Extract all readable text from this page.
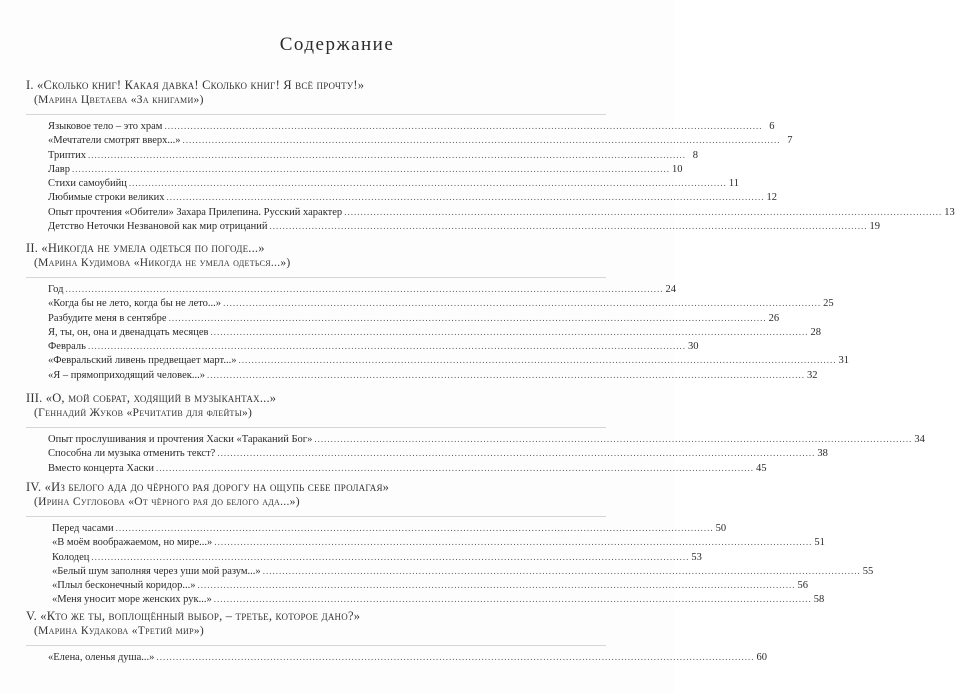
Содержание
I. «Сколько книг! Какая давка! Сколько книг! Я всё прочту!»
(Марина Цветаева «За книгами»)
Языковое тело – это храм ........................................................................................................................................................................................ 6
«Мечтатели смотрят вверх...» ........................................................................................................................................................................................ 7
Триптих ........................................................................................................................................................................................ 8
Лавр ........................................................................................................................................................................................ 10
Стихи самоубийц ........................................................................................................................................................................................ 11
Любимые строки великих ........................................................................................................................................................................................ 12
Опыт прочтения «Обители» Захара Прилепина. Русский характер ........................................................................................................................................................................................ 13
Детство Неточки Незвановой как мир отрицаний ........................................................................................................................................................................................ 19
II. «Никогда не умела одеться по погоде...»
(Марина Кудимова «Никогда не умела одеться...»)
Год ........................................................................................................................................................................................ 24
«Когда бы не лето, когда бы не лето...» ........................................................................................................................................................................................ 25
Разбудите меня в сентябре ........................................................................................................................................................................................ 26
Я, ты, он, она и двенадцать месяцев ........................................................................................................................................................................................ 28
Февраль ........................................................................................................................................................................................ 30
«Февральский ливень предвещает март...» ........................................................................................................................................................................................ 31
«Я – прямоприходящий человек...» ........................................................................................................................................................................................ 32
III. «О, мой собрат, ходящий в музыкантах...»
(Геннадий Жуков «Речитатив для флейты»)
Опыт прослушивания и прочтения Хаски «Тараканий Бог» ........................................................................................................................................................................................ 34
Способна ли музыка отменить текст? ........................................................................................................................................................................................ 38
Вместо концерта Хаски ........................................................................................................................................................................................ 45
IV. «Из белого ада до чёрного рая дорогу на ощупь себе пролагая»
(Ирина Суглобова «От чёрного рая до белого ада...»)
Перед часами ........................................................................................................................................................................................ 50
«В моём воображаемом, но мире...» ........................................................................................................................................................................................ 51
Колодец ........................................................................................................................................................................................ 53
«Белый шум заполняя через уши мой разум...» ........................................................................................................................................................................................ 55
«Плыл бесконечный коридор...» ........................................................................................................................................................................................ 56
«Меня уносит море женских рук...» ........................................................................................................................................................................................ 58
V. «Кто же ты, воплощённый выбор, – третье, которое дано?»
(Марина Кудакова «Третий мир»)
«Елена, оленья душа...» ........................................................................................................................................................................................ 60
